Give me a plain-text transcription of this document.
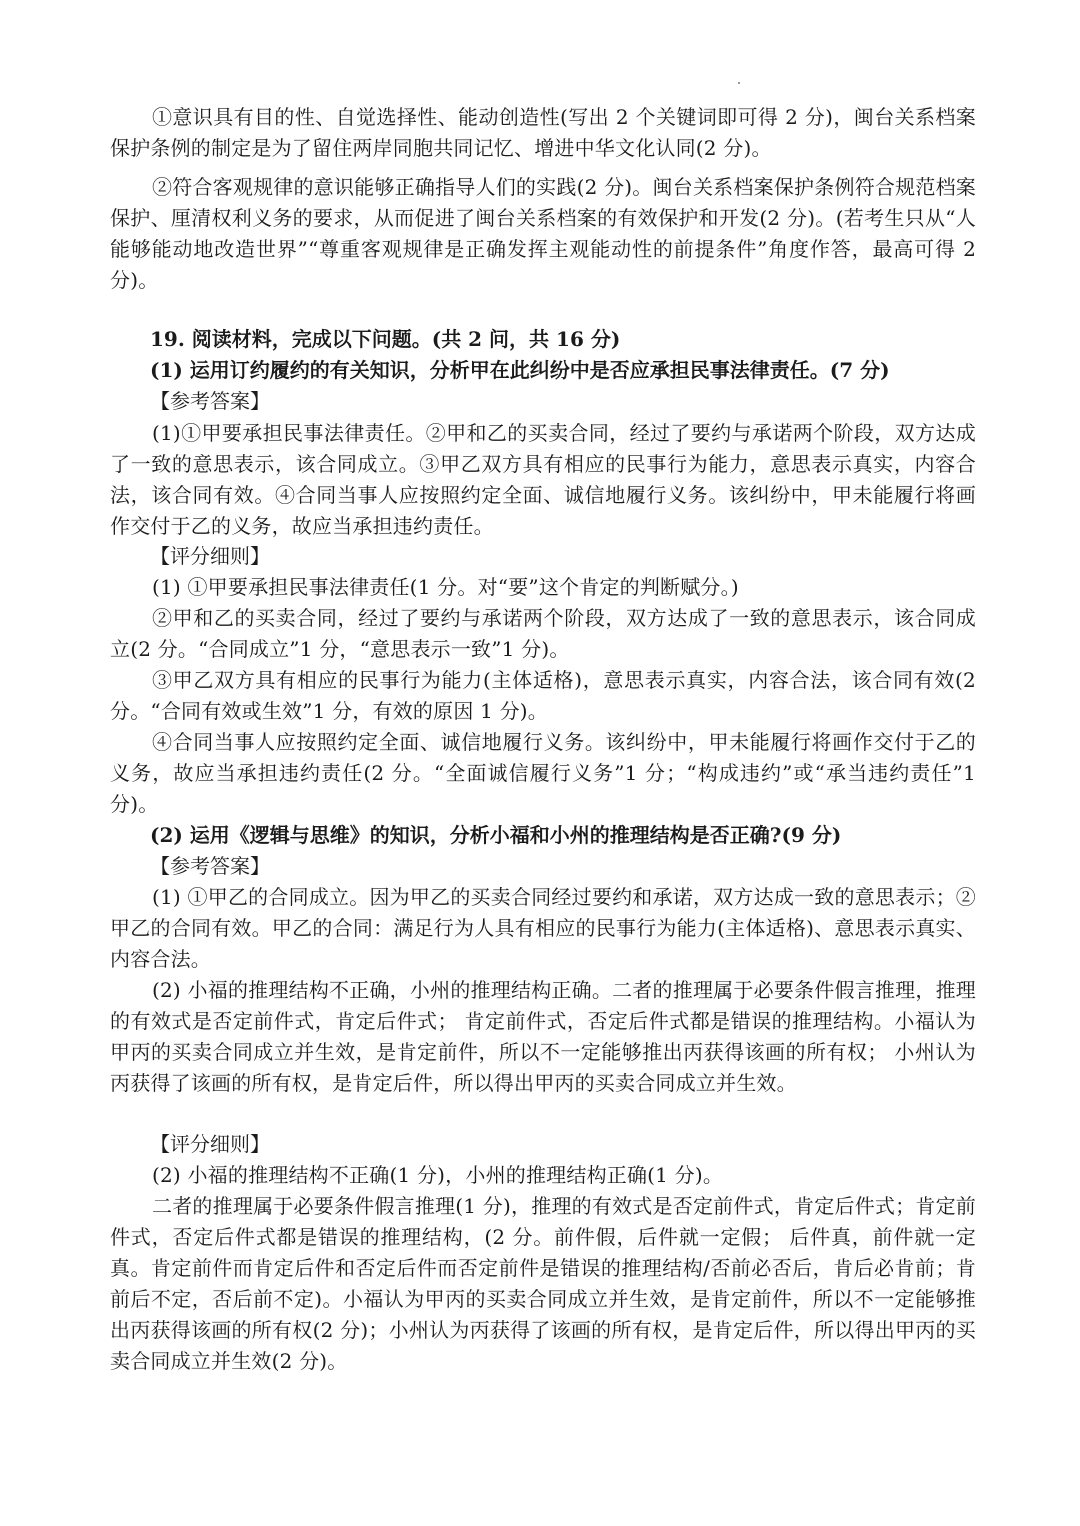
①意识具有目的性、自觉选择性、能动创造性(写出 2 个关键词即可得 2 分)，闽台关系档案保护条例的制定是为了留住两岸同胞共同记忆、增进中华文化认同(2 分)。

②符合客观规律的意识能够正确指导人们的实践(2 分)。闽台关系档案保护条例符合规范档案保护、厘清权利义务的要求，从而促进了闽台关系档案的有效保护和开发(2 分)。(若考生只从“人能够能动地改造世界”“尊重客观规律是正确发挥主观能动性的前提条件”角度作答，最高可得 2 分)。

19. 阅读材料，完成以下问题。(共 2 问，共 16 分)

(1) 运用订约履约的有关知识，分析甲在此纠纷中是否应承担民事法律责任。(7 分)

【参考答案】

(1)①甲要承担民事法律责任。②甲和乙的买卖合同，经过了要约与承诺两个阶段，双方达成了一致的意思表示，该合同成立。③甲乙双方具有相应的民事行为能力，意思表示真实，内容合法，该合同有效。④合同当事人应按照约定全面、诚信地履行义务。该纠纷中，甲未能履行将画作交付于乙的义务，故应当承担违约责任。

【评分细则】

(1) ①甲要承担民事法律责任(1 分。对“要”这个肯定的判断赋分。)

②甲和乙的买卖合同，经过了要约与承诺两个阶段，双方达成了一致的意思表示，该合同成立(2 分。“合同成立”1 分，“意思表示一致”1 分)。

③甲乙双方具有相应的民事行为能力(主体适格)，意思表示真实，内容合法，该合同有效(2 分。“合同有效或生效”1 分，有效的原因 1 分)。

④合同当事人应按照约定全面、诚信地履行义务。该纠纷中，甲未能履行将画作交付于乙的义务，故应当承担违约责任(2 分。“全面诚信履行义务”1 分；“构成违约”或“承当违约责任”1 分)。

(2) 运用《逻辑与思维》的知识，分析小福和小州的推理结构是否正确?(9 分)

【参考答案】

(1) ①甲乙的合同成立。因为甲乙的买卖合同经过要约和承诺，双方达成一致的意思表示；②甲乙的合同有效。甲乙的合同：满足行为人具有相应的民事行为能力(主体适格)、意思表示真实、内容合法。

(2) 小福的推理结构不正确，小州的推理结构正确。二者的推理属于必要条件假言推理，推理的有效式是否定前件式，肯定后件式； 肯定前件式，否定后件式都是错误的推理结构。小福认为甲丙的买卖合同成立并生效，是肯定前件，所以不一定能够推出丙获得该画的所有权； 小州认为丙获得了该画的所有权，是肯定后件，所以得出甲丙的买卖合同成立并生效。

【评分细则】

(2) 小福的推理结构不正确(1 分)，小州的推理结构正确(1 分)。

二者的推理属于必要条件假言推理(1 分)，推理的有效式是否定前件式，肯定后件式；肯定前件式，否定后件式都是错误的推理结构，(2 分。前件假，后件就一定假； 后件真，前件就一定真。肯定前件而肯定后件和否定后件而否定前件是错误的推理结构/否前必否后，肯后必肯前；肯前后不定，否后前不定)。小福认为甲丙的买卖合同成立并生效，是肯定前件，所以不一定能够推出丙获得该画的所有权(2 分)；小州认为丙获得了该画的所有权，是肯定后件，所以得出甲丙的买卖合同成立并生效(2 分)。
